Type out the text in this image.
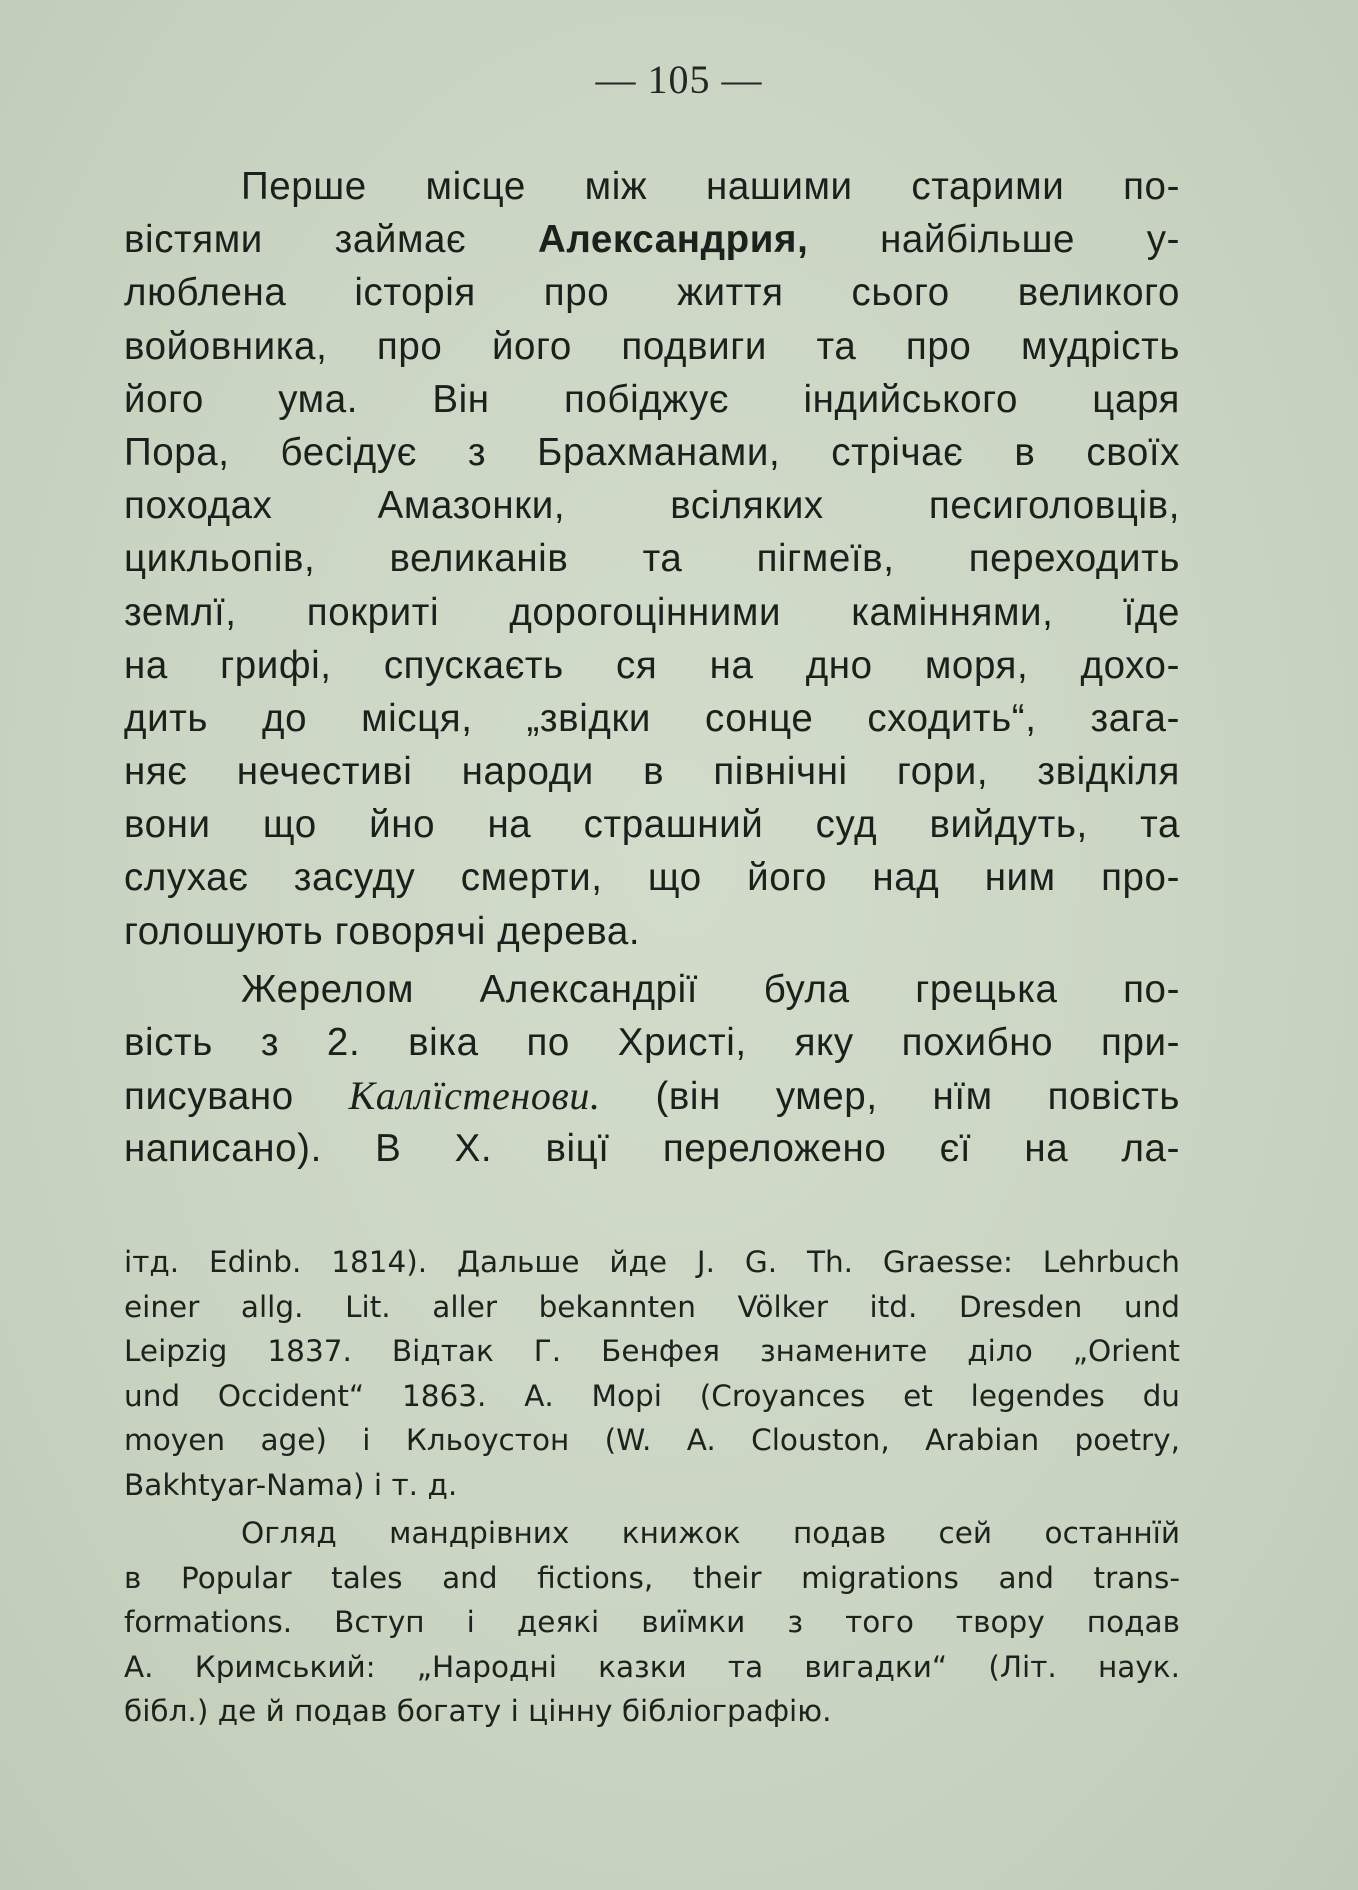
— 105 —
Перше місце між нашими старими по-
вістями займає Александрия, найбільше у-
люблена історія про життя сього великого
войовника, про його подвиги та про мудрість
його ума. Він побіджує індийського царя
Пора, бесідує з Брахманами, стрічає в своїх
походах Амазонки, всіляких песиголовців,
цикльопів, великанів та пігмеїв, переходить
землї, покриті дорогоцінними каміннями, їде
на грифі, спускаєть ся на дно моря, дохо-
дить до місця, „звідки сонце сходить“, зага-
няє нечестиві народи в північні гори, звідкіля
вони що йно на страшний суд вийдуть, та
слухає засуду смерти, що його над ним про-
голошують говорячі дерева.
Жерелом Александрії була грецька по-
вість з 2. віка по Христі, яку похибно при-
писувано Каллїстенови. (він умер, нїм повість
написано). В X. віцї переложено єї на ла-
ітд. Edinb. 1814). Дальше йде J. G. Th. Graesse: Lehrbuch
einer allg. Lit. aller bekannten Völker itd. Dresden und
Leipzig 1837. Відтак Г. Бенфея знамените діло „Orient
und Occident“ 1863. А. Морі (Croyances et legendes du
moyen age) і Кльоустон (W. A. Clouston, Arabian poetry,
Bakhtyar-Nama) і т. д.
Огляд мандрівних книжок подав сей останнїй
в Popular tales and fictions, their migrations and trans-
formations. Вступ і деякі виїмки з того твору подав
А. Кримський: „Народні казки та вигадки“ (Літ. наук.
бібл.) де й подав богату і цінну бібліографію.
